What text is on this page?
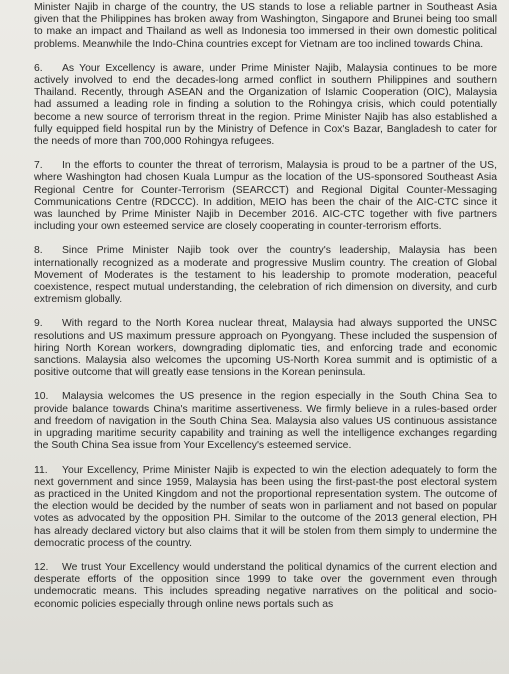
Minister Najib in charge of the country, the US stands to lose a reliable partner in Southeast Asia given that the Philippines has broken away from Washington, Singapore and Brunei being too small to make an impact and Thailand as well as Indonesia too immersed in their own domestic political problems. Meanwhile the Indo-China countries except for Vietnam are too inclined towards China.

6. As Your Excellency is aware, under Prime Minister Najib, Malaysia continues to be more actively involved to end the decades-long armed conflict in southern Philippines and southern Thailand. Recently, through ASEAN and the Organization of Islamic Cooperation (OIC), Malaysia had assumed a leading role in finding a solution to the Rohingya crisis, which could potentially become a new source of terrorism threat in the region. Prime Minister Najib has also established a fully equipped field hospital run by the Ministry of Defence in Cox's Bazar, Bangladesh to cater for the needs of more than 700,000 Rohingya refugees.

7. In the efforts to counter the threat of terrorism, Malaysia is proud to be a partner of the US, where Washington had chosen Kuala Lumpur as the location of the US-sponsored Southeast Asia Regional Centre for Counter-Terrorism (SEARCCT) and Regional Digital Counter-Messaging Communications Centre (RDCCC). In addition, MEIO has been the chair of the AIC-CTC since it was launched by Prime Minister Najib in December 2016. AIC-CTC together with five partners including your own esteemed service are closely cooperating in counter-terrorism efforts.

8. Since Prime Minister Najib took over the country's leadership, Malaysia has been internationally recognized as a moderate and progressive Muslim country. The creation of Global Movement of Moderates is the testament to his leadership to promote moderation, peaceful coexistence, respect mutual understanding, the celebration of rich dimension on diversity, and curb extremism globally.

9. With regard to the North Korea nuclear threat, Malaysia had always supported the UNSC resolutions and US maximum pressure approach on Pyongyang. These included the suspension of hiring North Korean workers, downgrading diplomatic ties, and enforcing trade and economic sanctions. Malaysia also welcomes the upcoming US-North Korea summit and is optimistic of a positive outcome that will greatly ease tensions in the Korean peninsula.

10. Malaysia welcomes the US presence in the region especially in the South China Sea to provide balance towards China's maritime assertiveness. We firmly believe in a rules-based order and freedom of navigation in the South China Sea. Malaysia also values US continuous assistance in upgrading maritime security capability and training as well the intelligence exchanges regarding the South China Sea issue from Your Excellency's esteemed service.

11. Your Excellency, Prime Minister Najib is expected to win the election adequately to form the next government and since 1959, Malaysia has been using the first-past-the post electoral system as practiced in the United Kingdom and not the proportional representation system. The outcome of the election would be decided by the number of seats won in parliament and not based on popular votes as advocated by the opposition PH. Similar to the outcome of the 2013 general election, PH has already declared victory but also claims that it will be stolen from them simply to undermine the democratic process of the country.

12. We trust Your Excellency would understand the political dynamics of the current election and desperate efforts of the opposition since 1999 to take over the government even through undemocratic means. This includes spreading negative narratives on the political and socio-economic policies especially through online news portals such as
